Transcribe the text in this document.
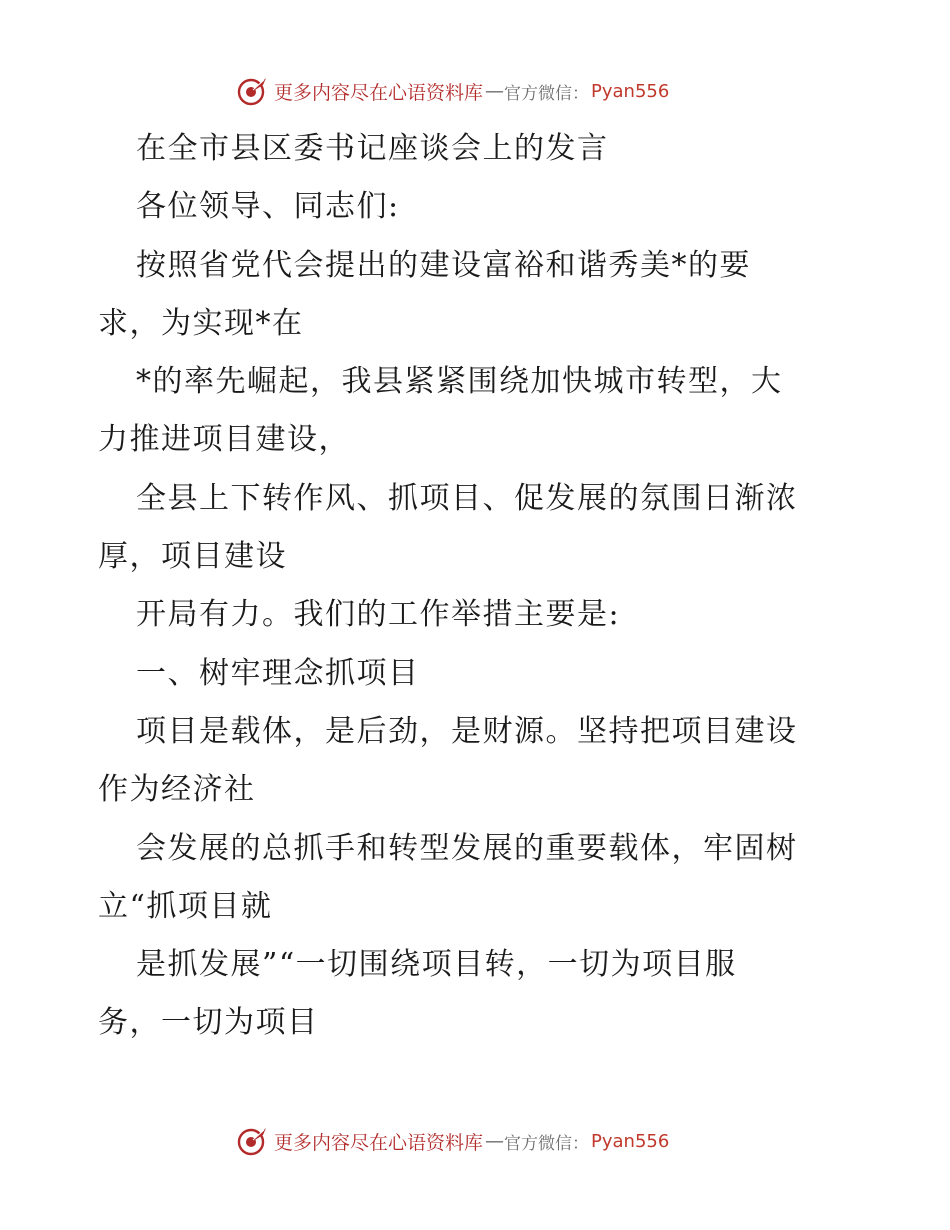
更多内容尽在心语资料库 — 官方微信： Pyan556

在全市县区委书记座谈会上的发言

各位领导、同志们:

按照省党代会提出的建设富裕和谐秀美*的要

求，为实现*在

*的率先崛起，我县紧紧围绕加快城市转型，大

力推进项目建设，

全县上下转作风、抓项目、促发展的氛围日渐浓

厚，项目建设

开局有力。我们的工作举措主要是:

一、树牢理念抓项目

项目是载体，是后劲，是财源。坚持把项目建设

作为经济社

会发展的总抓手和转型发展的重要载体，牢固树

立“抓项目就

是抓发展”“一切围绕项目转，一切为项目服

务，一切为项目

更多内容尽在心语资料库 — 官方微信： Pyan556
